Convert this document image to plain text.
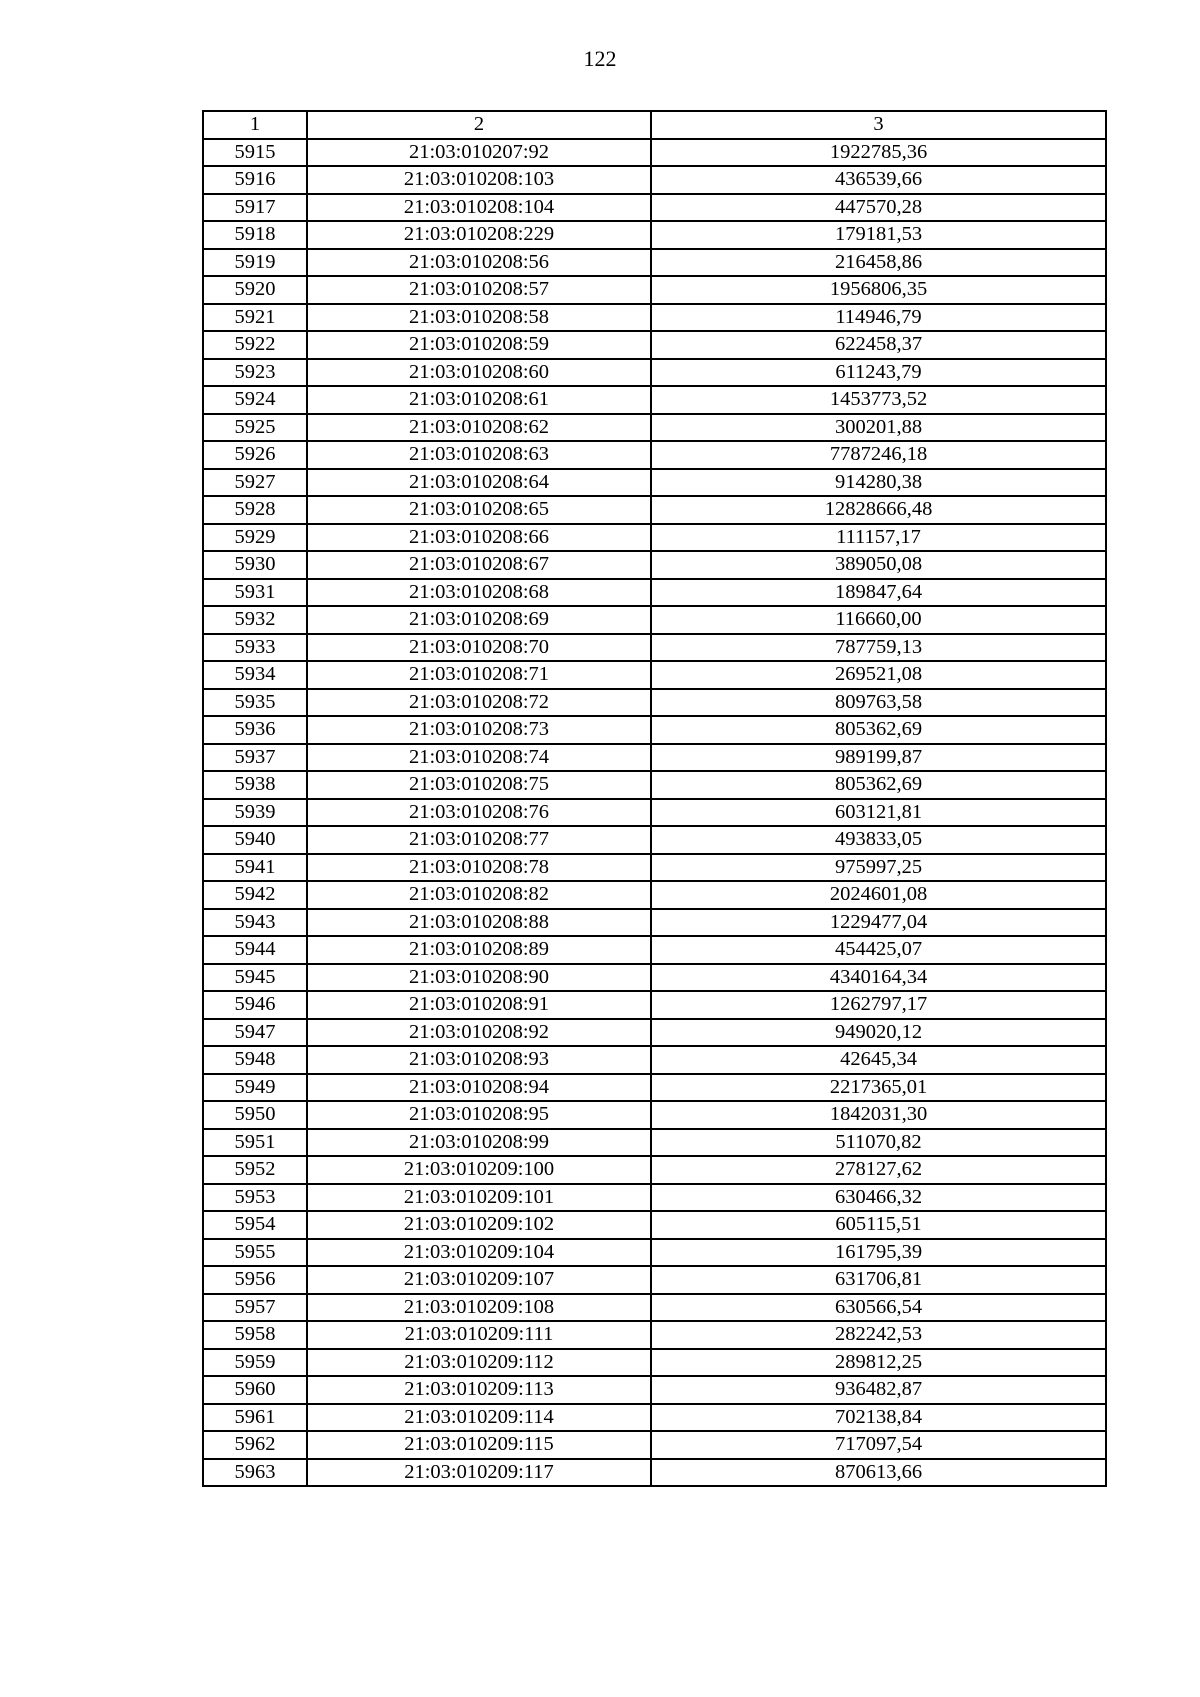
122
1	2	3
5915	21:03:010207:92	1922785,36
5916	21:03:010208:103	436539,66
5917	21:03:010208:104	447570,28
5918	21:03:010208:229	179181,53
5919	21:03:010208:56	216458,86
5920	21:03:010208:57	1956806,35
5921	21:03:010208:58	114946,79
5922	21:03:010208:59	622458,37
5923	21:03:010208:60	611243,79
5924	21:03:010208:61	1453773,52
5925	21:03:010208:62	300201,88
5926	21:03:010208:63	7787246,18
5927	21:03:010208:64	914280,38
5928	21:03:010208:65	12828666,48
5929	21:03:010208:66	111157,17
5930	21:03:010208:67	389050,08
5931	21:03:010208:68	189847,64
5932	21:03:010208:69	116660,00
5933	21:03:010208:70	787759,13
5934	21:03:010208:71	269521,08
5935	21:03:010208:72	809763,58
5936	21:03:010208:73	805362,69
5937	21:03:010208:74	989199,87
5938	21:03:010208:75	805362,69
5939	21:03:010208:76	603121,81
5940	21:03:010208:77	493833,05
5941	21:03:010208:78	975997,25
5942	21:03:010208:82	2024601,08
5943	21:03:010208:88	1229477,04
5944	21:03:010208:89	454425,07
5945	21:03:010208:90	4340164,34
5946	21:03:010208:91	1262797,17
5947	21:03:010208:92	949020,12
5948	21:03:010208:93	42645,34
5949	21:03:010208:94	2217365,01
5950	21:03:010208:95	1842031,30
5951	21:03:010208:99	511070,82
5952	21:03:010209:100	278127,62
5953	21:03:010209:101	630466,32
5954	21:03:010209:102	605115,51
5955	21:03:010209:104	161795,39
5956	21:03:010209:107	631706,81
5957	21:03:010209:108	630566,54
5958	21:03:010209:111	282242,53
5959	21:03:010209:112	289812,25
5960	21:03:010209:113	936482,87
5961	21:03:010209:114	702138,84
5962	21:03:010209:115	717097,54
5963	21:03:010209:117	870613,66
